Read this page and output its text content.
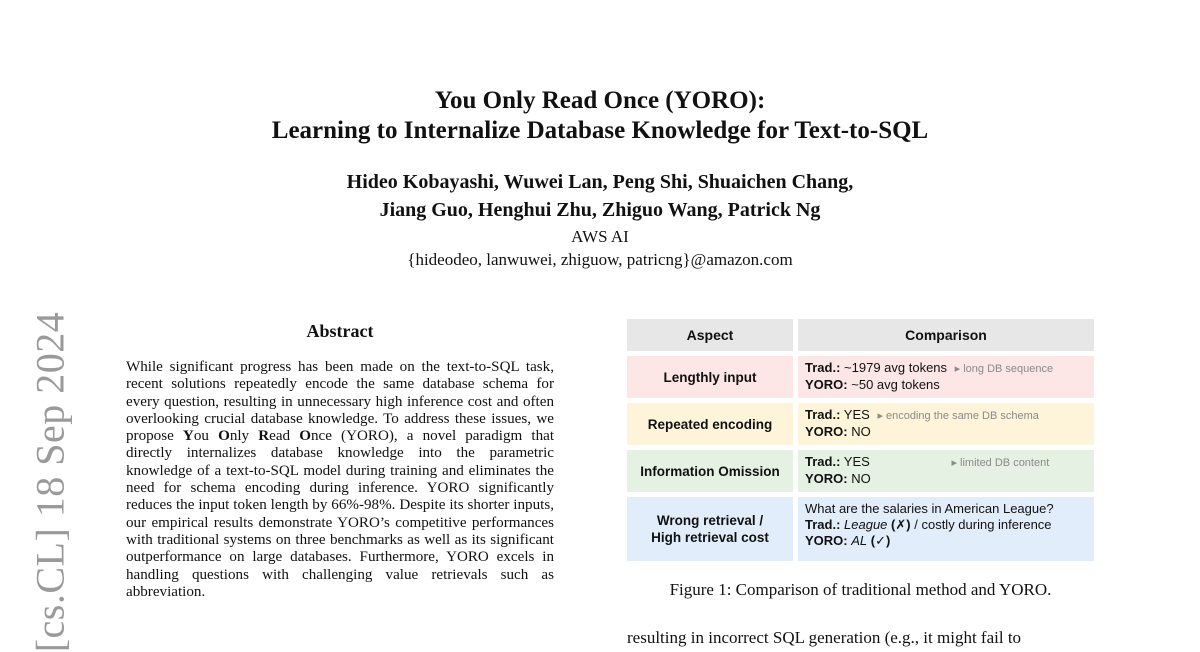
[cs.CL] 18 Sep 2024
You Only Read Once (YORO):
Learning to Internalize Database Knowledge for Text-to-SQL
Hideo Kobayashi, Wuwei Lan, Peng Shi, Shuaichen Chang,
Jiang Guo, Henghui Zhu, Zhiguo Wang, Patrick Ng
AWS AI
{hideodeo, lanwuwei, zhiguow, patricng}@amazon.com
Abstract
While significant progress has been made on the text-to-SQL task, recent solutions repeatedly encode the same database schema for every question, resulting in unnecessary high inference cost and often overlooking crucial database knowledge. To address these issues, we propose You Only Read Once (YORO), a novel paradigm that directly internalizes database knowledge into the parametric knowledge of a text-to-SQL model during training and eliminates the need for schema encoding during inference. YORO significantly reduces the input token length by 66%-98%. Despite its shorter inputs, our empirical results demonstrate YORO’s competitive performances with traditional systems on three benchmarks as well as its significant outperformance on large databases. Furthermore, YORO excels in handling questions with challenging value retrievals such as abbreviation.
Aspect	Comparison
Lengthly input
Trad.: ~1979 avg tokens ▸ long DB sequence
YORO: ~50 avg tokens
Repeated encoding
Trad.: YES ▸ encoding the same DB schema
YORO: NO
Information Omission
Trad.: YES	▸ limited DB content
YORO: NO
Wrong retrieval /
High retrieval cost
What are the salaries in American League?
Trad.: League (✗) / costly during inference
YORO: AL (✓)
Figure 1: Comparison of traditional method and YORO.
resulting in incorrect SQL generation (e.g., it might fail to
